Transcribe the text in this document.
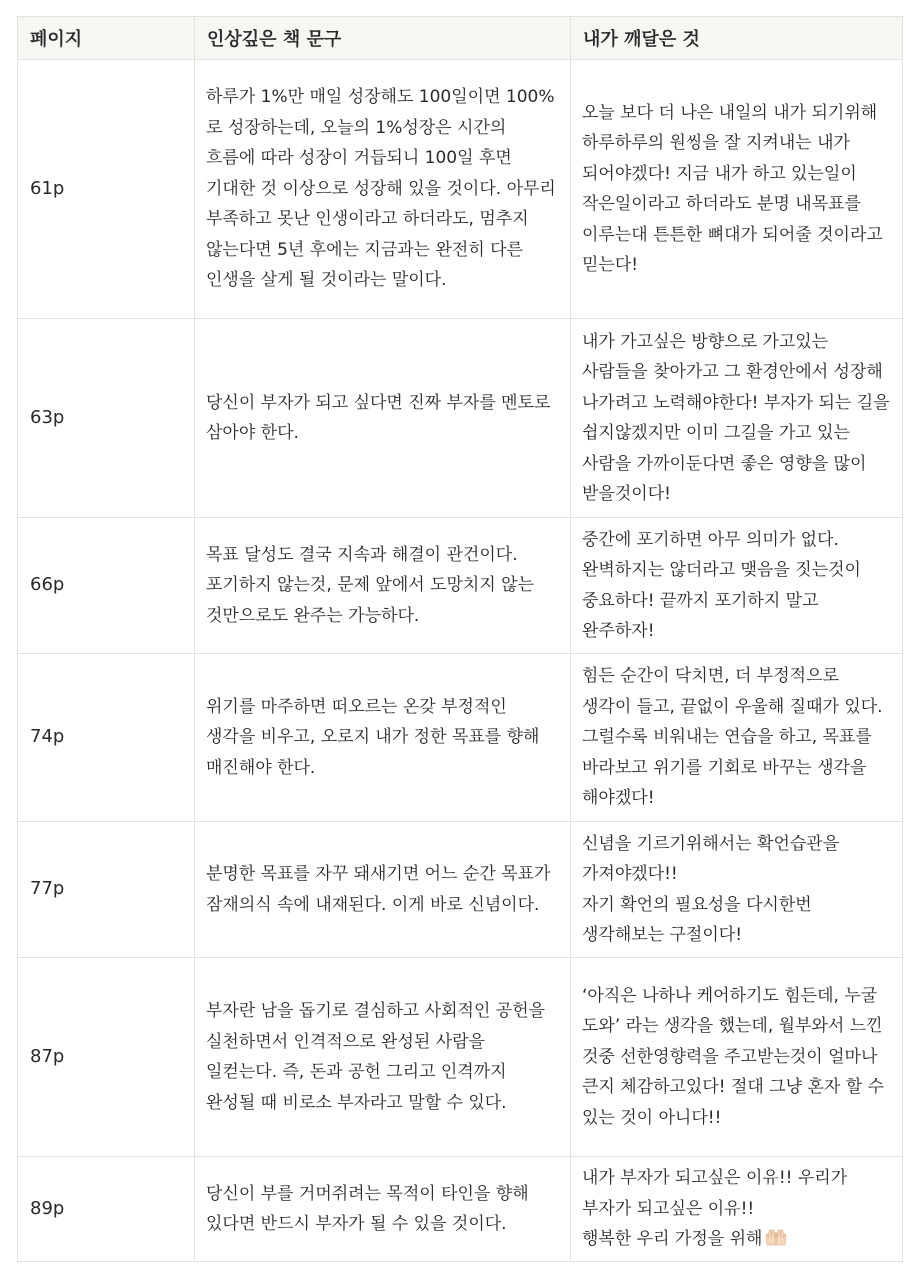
페이지	인상깊은 책 문구	내가 깨달은 것
61p	하루가 1%만 매일 성장해도 100일이면 100%로 성장하는데, 오늘의 1%성장은 시간의 흐름에 따라 성장이 거듭되니 100일 후면 기대한 것 이상으로 성장해 있을 것이다. 아무리 부족하고 못난 인생이라고 하더라도, 멈추지 않는다면 5년 후에는 지금과는 완전히 다른 인생을 살게 될 것이라는 말이다.	오늘 보다 더 나은 내일의 내가 되기위해 하루하루의 원씽을 잘 지켜내는 내가 되어야겠다! 지금 내가 하고 있는일이 작은일이라고 하더라도 분명 내목표를 이루는대 튼튼한 뼈대가 되어줄 것이라고 믿는다!
63p	당신이 부자가 되고 싶다면 진짜 부자를 멘토로 삼아야 한다.	내가 가고싶은 방향으로 가고있는 사람들을 찾아가고 그 환경안에서 성장해 나가려고 노력해야한다! 부자가 되는 길을 쉽지않겠지만 이미 그길을 가고 있는 사람을 가까이둔다면 좋은 영향을 많이 받을것이다!
66p	목표 달성도 결국 지속과 해결이 관건이다. 포기하지 않는것, 문제 앞에서 도망치지 않는 것만으로도 완주는 가능하다.	중간에 포기하면 아무 의미가 없다. 완벽하지는 않더라고 맺음을 짓는것이 중요하다! 끝까지 포기하지 말고 완주하자!
74p	위기를 마주하면 떠오르는 온갖 부정적인 생각을 비우고, 오로지 내가 정한 목표를 향해 매진해야 한다.	힘든 순간이 닥치면, 더 부정적으로 생각이 들고, 끝없이 우울해 질때가 있다. 그럴수록 비워내는 연습을 하고, 목표를 바라보고 위기를 기회로 바꾸는 생각을 해야겠다!
77p	분명한 목표를 자꾸 돼새기면 어느 순간 목표가 잠재의식 속에 내재된다. 이게 바로 신념이다.	신념을 기르기위해서는 확언습관을 가져야겠다!!
자기 확언의 필요성을 다시한번 생각해보는 구절이다!
87p	부자란 남을 돕기로 결심하고 사회적인 공헌을 실천하면서 인격적으로 완성된 사람을 일컫는다. 즉, 돈과 공헌 그리고 인격까지 완성될 때 비로소 부자라고 말할 수 있다.	‘아직은 나하나 케어하기도 힘든데, 누굴 도와’ 라는 생각을 했는데, 월부와서 느낀 것중 선한영향력을 주고받는것이 얼마나 큰지 체감하고있다! 절대 그냥 혼자 할 수 있는 것이 아니다!!
89p	당신이 부를 거머쥐려는 목적이 타인을 향해 있다면 반드시 부자가 될 수 있을 것이다.	내가 부자가 되고싶은 이유!! 우리가 부자가 되고싶은 이유!!
행복한 우리 가정을 위해
